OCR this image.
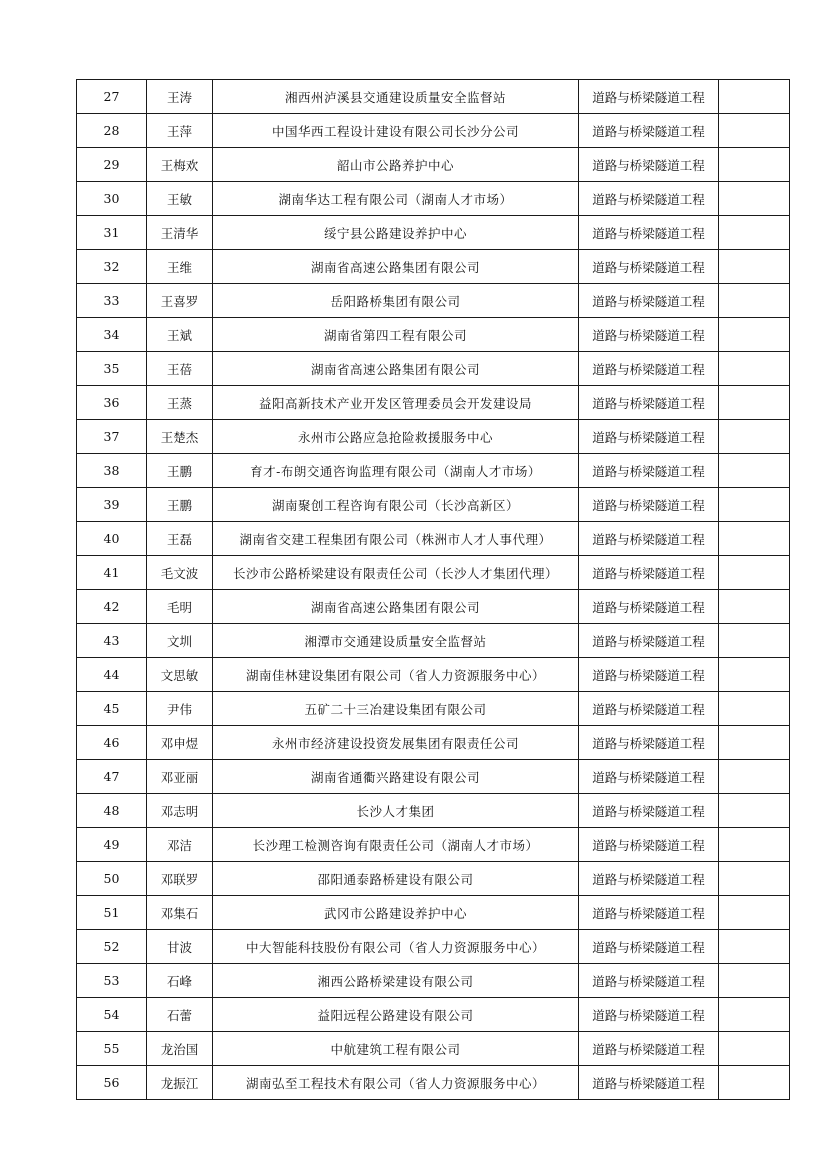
27	王涛	湘西州泸溪县交通建设质量安全监督站	道路与桥梁隧道工程	
28	王萍	中国华西工程设计建设有限公司长沙分公司	道路与桥梁隧道工程	
29	王梅欢	韶山市公路养护中心	道路与桥梁隧道工程	
30	王敏	湖南华达工程有限公司（湖南人才市场）	道路与桥梁隧道工程	
31	王清华	绥宁县公路建设养护中心	道路与桥梁隧道工程	
32	王维	湖南省高速公路集团有限公司	道路与桥梁隧道工程	
33	王喜罗	岳阳路桥集团有限公司	道路与桥梁隧道工程	
34	王斌	湖南省第四工程有限公司	道路与桥梁隧道工程	
35	王蓓	湖南省高速公路集团有限公司	道路与桥梁隧道工程	
36	王蒸	益阳高新技术产业开发区管理委员会开发建设局	道路与桥梁隧道工程	
37	王楚杰	永州市公路应急抢险救援服务中心	道路与桥梁隧道工程	
38	王鹏	育才-布朗交通咨询监理有限公司（湖南人才市场）	道路与桥梁隧道工程	
39	王鹏	湖南聚创工程咨询有限公司（长沙高新区）	道路与桥梁隧道工程	
40	王磊	湖南省交建工程集团有限公司（株洲市人才人事代理）	道路与桥梁隧道工程	
41	毛文波	长沙市公路桥梁建设有限责任公司（长沙人才集团代理）	道路与桥梁隧道工程	
42	毛明	湖南省高速公路集团有限公司	道路与桥梁隧道工程	
43	文圳	湘潭市交通建设质量安全监督站	道路与桥梁隧道工程	
44	文思敏	湖南佳林建设集团有限公司（省人力资源服务中心）	道路与桥梁隧道工程	
45	尹伟	五矿二十三冶建设集团有限公司	道路与桥梁隧道工程	
46	邓申煜	永州市经济建设投资发展集团有限责任公司	道路与桥梁隧道工程	
47	邓亚丽	湖南省通衢兴路建设有限公司	道路与桥梁隧道工程	
48	邓志明	长沙人才集团	道路与桥梁隧道工程	
49	邓洁	长沙理工检测咨询有限责任公司（湖南人才市场）	道路与桥梁隧道工程	
50	邓联罗	邵阳通泰路桥建设有限公司	道路与桥梁隧道工程	
51	邓集石	武冈市公路建设养护中心	道路与桥梁隧道工程	
52	甘波	中大智能科技股份有限公司（省人力资源服务中心）	道路与桥梁隧道工程	
53	石峰	湘西公路桥梁建设有限公司	道路与桥梁隧道工程	
54	石蕾	益阳远程公路建设有限公司	道路与桥梁隧道工程	
55	龙治国	中航建筑工程有限公司	道路与桥梁隧道工程	
56	龙振江	湖南弘至工程技术有限公司（省人力资源服务中心）	道路与桥梁隧道工程	
